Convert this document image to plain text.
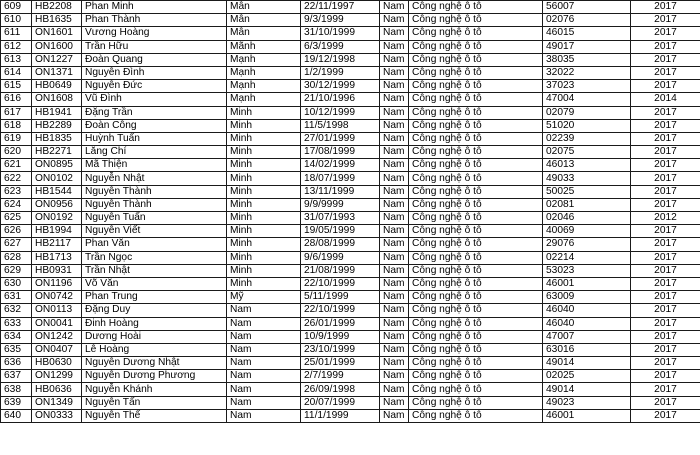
609	HB2208	Phan Minh	Mẫn	22/11/1997	Nam	Công nghệ ô tô	56007	2017
610	HB1635	Phan Thành	Mẫn	9/3/1999	Nam	Công nghệ ô tô	02076	2017
611	ON1601	Vương Hoàng	Mẫn	31/10/1999	Nam	Công nghệ ô tô	46015	2017
612	ON1600	Trần Hữu	Mãnh	6/3/1999	Nam	Công nghệ ô tô	49017	2017
613	ON1227	Đoàn Quang	Mạnh	19/12/1998	Nam	Công nghệ ô tô	38035	2017
614	ON1371	Nguyễn Đình	Mạnh	1/2/1999	Nam	Công nghệ ô tô	32022	2017
615	HB0649	Nguyễn Đức	Mạnh	30/12/1999	Nam	Công nghệ ô tô	37023	2017
616	ON1608	Vũ Đình	Mạnh	21/10/1996	Nam	Công nghệ ô tô	47004	2014
617	HB1941	Đặng Trần	Minh	10/12/1999	Nam	Công nghệ ô tô	02079	2017
618	HB2289	Đoàn Công	Minh	11/5/1998	Nam	Công nghệ ô tô	51020	2017
619	HB1835	Huỳnh Tuấn	Minh	27/01/1999	Nam	Công nghệ ô tô	02239	2017
620	HB2271	Lăng Chí	Minh	17/08/1999	Nam	Công nghệ ô tô	02075	2017
621	ON0895	Mã Thiện	Minh	14/02/1999	Nam	Công nghệ ô tô	46013	2017
622	ON0102	Nguyễn Nhật	Minh	18/07/1999	Nam	Công nghệ ô tô	49033	2017
623	HB1544	Nguyễn Thành	Minh	13/11/1999	Nam	Công nghệ ô tô	50025	2017
624	ON0956	Nguyễn Thành	Minh	9/9/9999	Nam	Công nghệ ô tô	02081	2017
625	ON0192	Nguyễn Tuấn	Minh	31/07/1993	Nam	Công nghệ ô tô	02046	2012
626	HB1994	Nguyễn Viết	Minh	19/05/1999	Nam	Công nghệ ô tô	40069	2017
627	HB2117	Phan Văn	Minh	28/08/1999	Nam	Công nghệ ô tô	29076	2017
628	HB1713	Trần Ngọc	Minh	9/6/1999	Nam	Công nghệ ô tô	02214	2017
629	HB0931	Trần Nhật	Minh	21/08/1999	Nam	Công nghệ ô tô	53023	2017
630	ON1196	Võ Văn	Minh	22/10/1999	Nam	Công nghệ ô tô	46001	2017
631	ON0742	Phan Trung	Mỹ	5/11/1999	Nam	Công nghệ ô tô	63009	2017
632	ON0113	Đặng Duy	Nam	22/10/1999	Nam	Công nghệ ô tô	46040	2017
633	ON0041	Đinh Hoàng	Nam	26/01/1999	Nam	Công nghệ ô tô	46040	2017
634	ON1242	Dương Hoài	Nam	10/9/1999	Nam	Công nghệ ô tô	47007	2017
635	ON0407	Lê Hoàng	Nam	23/10/1999	Nam	Công nghệ ô tô	63016	2017
636	HB0630	Nguyễn Dương Nhật	Nam	25/01/1999	Nam	Công nghệ ô tô	49014	2017
637	ON1299	Nguyễn Dương Phương	Nam	2/7/1999	Nam	Công nghệ ô tô	02025	2017
638	HB0636	Nguyễn Khánh	Nam	26/09/1998	Nam	Công nghệ ô tô	49014	2017
639	ON1349	Nguyễn Tấn	Nam	20/07/1999	Nam	Công nghệ ô tô	49023	2017
640	ON0333	Nguyễn Thế	Nam	11/1/1999	Nam	Công nghệ ô tô	46001	2017
